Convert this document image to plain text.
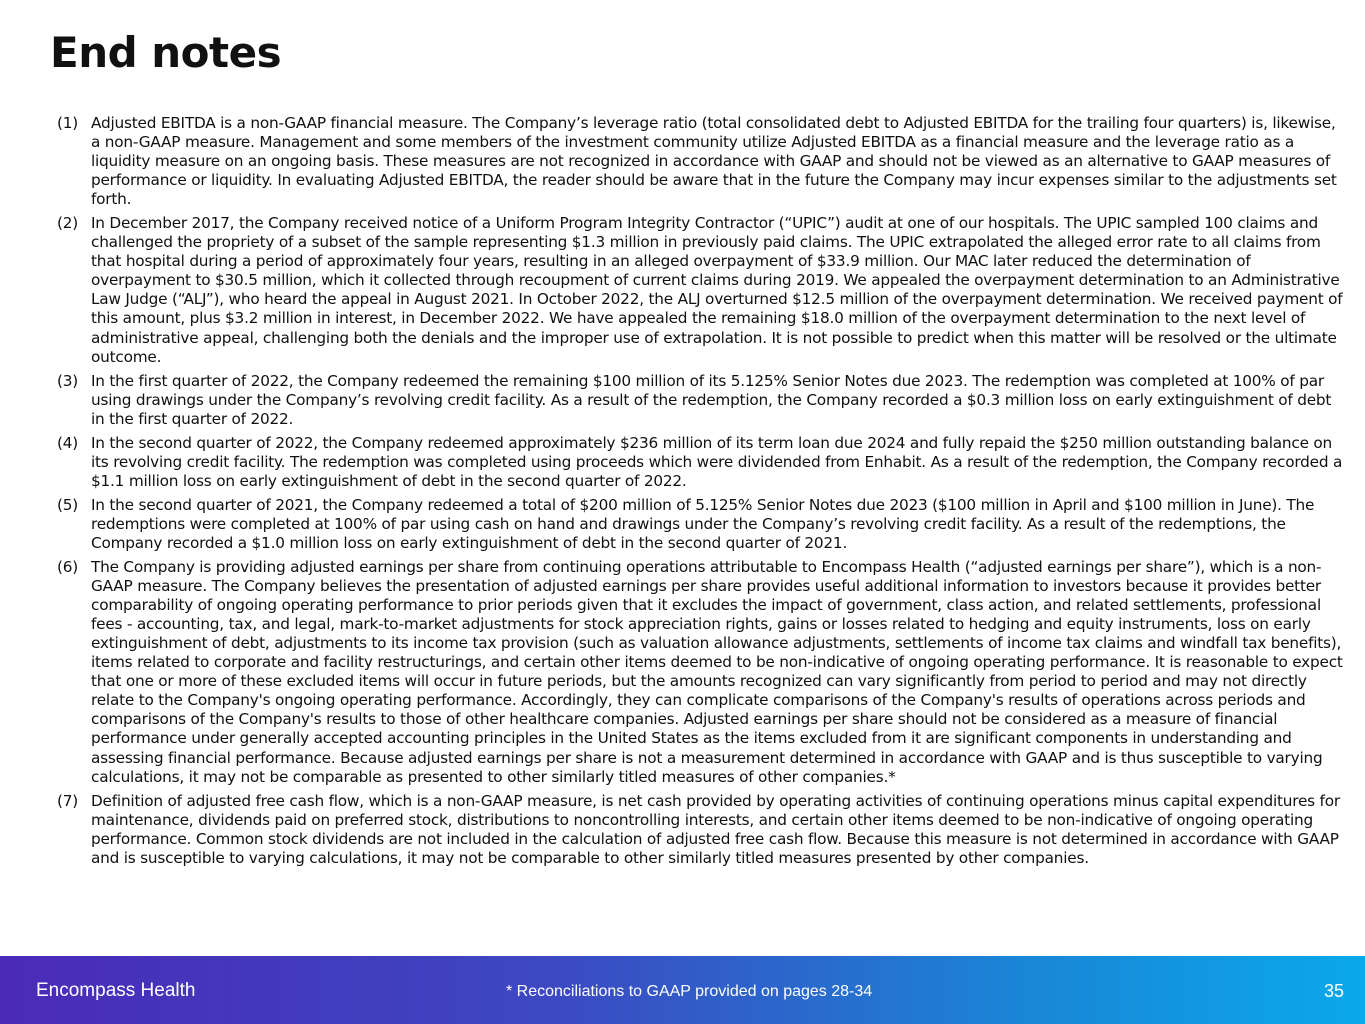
End notes
(1) Adjusted EBITDA is a non-GAAP financial measure. The Company’s leverage ratio (total consolidated debt to Adjusted EBITDA for the trailing four quarters) is, likewise, a non-GAAP measure. Management and some members of the investment community utilize Adjusted EBITDA as a financial measure and the leverage ratio as a liquidity measure on an ongoing basis. These measures are not recognized in accordance with GAAP and should not be viewed as an alternative to GAAP measures of performance or liquidity. In evaluating Adjusted EBITDA, the reader should be aware that in the future the Company may incur expenses similar to the adjustments set forth.
(2) In December 2017, the Company received notice of a Uniform Program Integrity Contractor (“UPIC”) audit at one of our hospitals. The UPIC sampled 100 claims and challenged the propriety of a subset of the sample representing $1.3 million in previously paid claims. The UPIC extrapolated the alleged error rate to all claims from that hospital during a period of approximately four years, resulting in an alleged overpayment of $33.9 million. Our MAC later reduced the determination of overpayment to $30.5 million, which it collected through recoupment of current claims during 2019. We appealed the overpayment determination to an Administrative Law Judge (“ALJ”), who heard the appeal in August 2021. In October 2022, the ALJ overturned $12.5 million of the overpayment determination. We received payment of this amount, plus $3.2 million in interest, in December 2022. We have appealed the remaining $18.0 million of the overpayment determination to the next level of administrative appeal, challenging both the denials and the improper use of extrapolation. It is not possible to predict when this matter will be resolved or the ultimate outcome.
(3) In the first quarter of 2022, the Company redeemed the remaining $100 million of its 5.125% Senior Notes due 2023. The redemption was completed at 100% of par using drawings under the Company’s revolving credit facility. As a result of the redemption, the Company recorded a $0.3 million loss on early extinguishment of debt in the first quarter of 2022.
(4) In the second quarter of 2022, the Company redeemed approximately $236 million of its term loan due 2024 and fully repaid the $250 million outstanding balance on its revolving credit facility. The redemption was completed using proceeds which were dividended from Enhabit. As a result of the redemption, the Company recorded a $1.1 million loss on early extinguishment of debt in the second quarter of 2022.
(5) In the second quarter of 2021, the Company redeemed a total of $200 million of 5.125% Senior Notes due 2023 ($100 million in April and $100 million in June). The redemptions were completed at 100% of par using cash on hand and drawings under the Company’s revolving credit facility. As a result of the redemptions, the Company recorded a $1.0 million loss on early extinguishment of debt in the second quarter of 2021.
(6) The Company is providing adjusted earnings per share from continuing operations attributable to Encompass Health (“adjusted earnings per share”), which is a non-GAAP measure. The Company believes the presentation of adjusted earnings per share provides useful additional information to investors because it provides better comparability of ongoing operating performance to prior periods given that it excludes the impact of government, class action, and related settlements, professional fees - accounting, tax, and legal, mark-to-market adjustments for stock appreciation rights, gains or losses related to hedging and equity instruments, loss on early extinguishment of debt, adjustments to its income tax provision (such as valuation allowance adjustments, settlements of income tax claims and windfall tax benefits), items related to corporate and facility restructurings, and certain other items deemed to be non-indicative of ongoing operating performance. It is reasonable to expect that one or more of these excluded items will occur in future periods, but the amounts recognized can vary significantly from period to period and may not directly relate to the Company's ongoing operating performance. Accordingly, they can complicate comparisons of the Company's results of operations across periods and comparisons of the Company's results to those of other healthcare companies. Adjusted earnings per share should not be considered as a measure of financial performance under generally accepted accounting principles in the United States as the items excluded from it are significant components in understanding and assessing financial performance. Because adjusted earnings per share is not a measurement determined in accordance with GAAP and is thus susceptible to varying calculations, it may not be comparable as presented to other similarly titled measures of other companies.*
(7) Definition of adjusted free cash flow, which is a non-GAAP measure, is net cash provided by operating activities of continuing operations minus capital expenditures for maintenance, dividends paid on preferred stock, distributions to noncontrolling interests, and certain other items deemed to be non-indicative of ongoing operating performance. Common stock dividends are not included in the calculation of adjusted free cash flow. Because this measure is not determined in accordance with GAAP and is susceptible to varying calculations, it may not be comparable to other similarly titled measures presented by other companies.
Encompass Health	* Reconciliations to GAAP provided on pages 28-34	35
